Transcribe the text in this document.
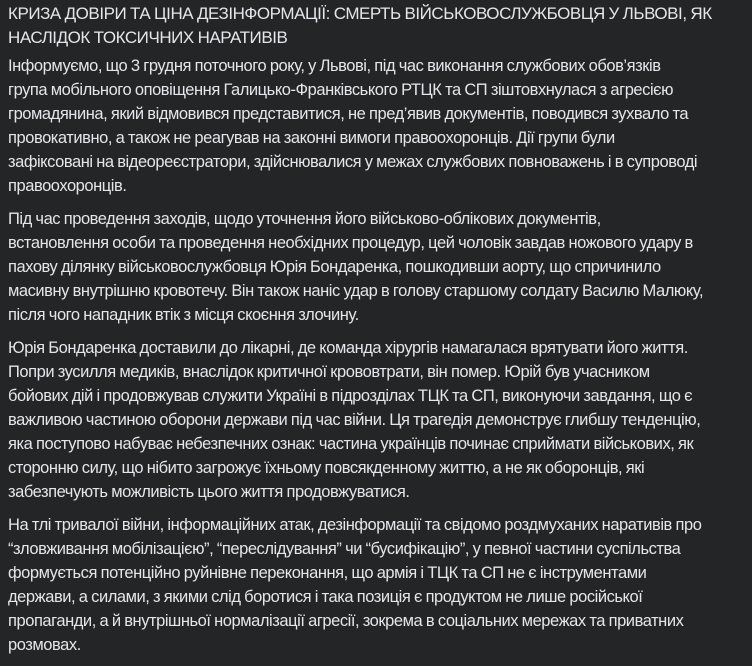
КРИЗА ДОВІРИ ТА ЦІНА ДЕЗІНФОРМАЦІЇ: СМЕРТЬ ВІЙСЬКОВОСЛУЖБОВЦЯ У ЛЬВОВІ, ЯК
НАСЛІДОК ТОКСИЧНИХ НАРАТИВІВ

Інформуємо, що 3 грудня поточного року, у Львові, під час виконання службових обов’язків
група мобільного оповіщення Галицько-Франківського РТЦК та СП зіштовхнулася з агресією
громадянина, який відмовився представитися, не пред’явив документів, поводився зухвало та
провокативно, а також не реагував на законні вимоги правоохоронців. Дії групи були
зафіксовані на відеореєстратори, здійснювалися у межах службових повноважень і в супроводі
правоохоронців.

Під час проведення заходів, щодо уточнення його військово-облікових документів,
встановлення особи та проведення необхідних процедур, цей чоловік завдав ножового удару в
пахову ділянку військовослужбовця Юрія Бондаренка, пошкодивши аорту, що спричинило
масивну внутрішню кровотечу. Він також наніс удар в голову старшому солдату Василю Малюку,
після чого нападник втік з місця скоєння злочину.

Юрія Бондаренка доставили до лікарні, де команда хірургів намагалася врятувати його життя.
Попри зусилля медиків, внаслідок критичної крововтрати, він помер. Юрій був учасником
бойових дій і продовжував служити Україні в підрозділах ТЦК та СП, виконуючи завдання, що є
важливою частиною оборони держави під час війни. Ця трагедія демонструє глибшу тенденцію,
яка поступово набуває небезпечних ознак: частина українців починає сприймати військових, як
сторонню силу, що нібито загрожує їхньому повсякденному життю, а не як оборонців, які
забезпечують можливість цього життя продовжуватися.

На тлі тривалої війни, інформаційних атак, дезінформації та свідомо роздмуханих наративів про
“зловживання мобілізацією”, “переслідування” чи “бусифікацію”, у певної частини суспільства
формується потенційно руйнівне переконання, що армія і ТЦК та СП не є інструментами
держави, а силами, з якими слід боротися і така позиція є продуктом не лише російської
пропаганди, а й внутрішньої нормалізації агресії, зокрема в соціальних мережах та приватних
розмовах.
